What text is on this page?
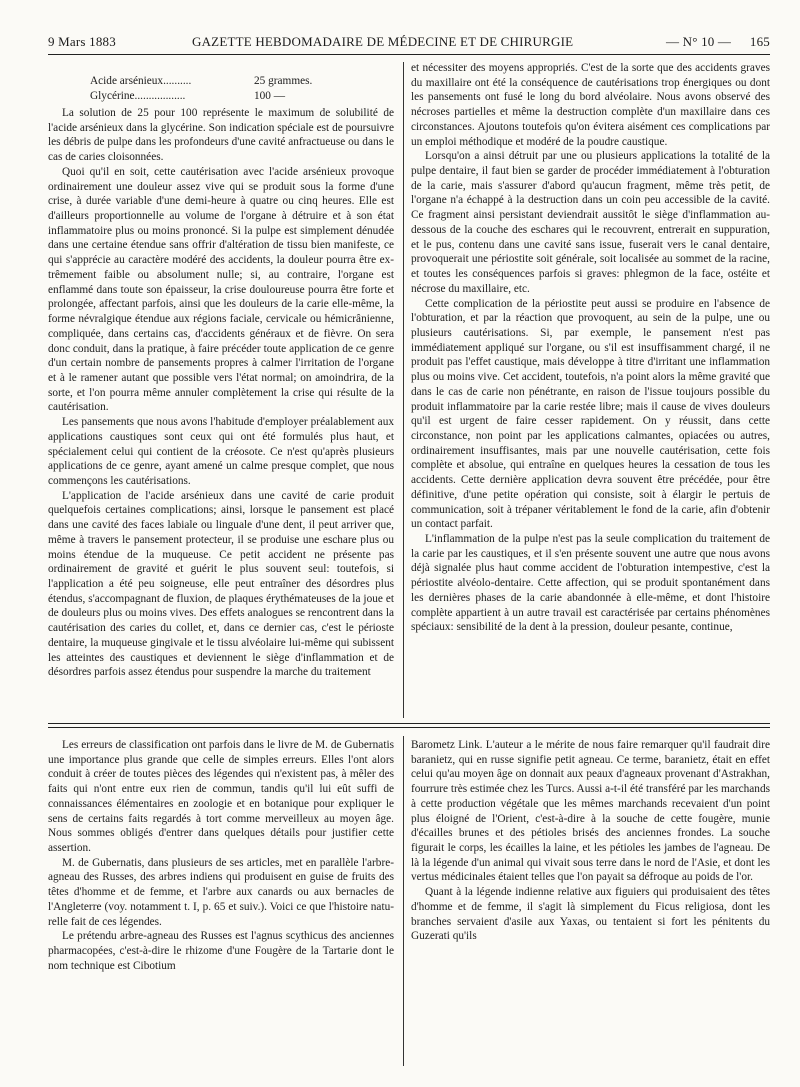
9 Mars 1883	GAZETTE HEBDOMADAIRE DE MÉDECINE ET DE CHIRURGIE	— N° 10 — 165
Acide arsénieux..........	25 grammes.
Glycérine..................	100 —

La solution de 25 pour 100 représente le maximum de solubilité de l'acide arsénieux dans la glycérine. Son indication spéciale est de poursuivre les débris de pulpe dans les profondeurs d'une cavité anfractueuse ou dans le cas de caries cloisonnées.

Quoi qu'il en soit, cette cautérisation avec l'acide arsénieux provoque ordinairement une douleur assez vive qui se produit sous la forme d'une crise, à durée variable d'une demi-heure à quatre ou cinq heures. Elle est d'ailleurs proportionnelle au volume de l'organe à détruire et à son état inflammatoire plus ou moins prononcé. Si la pulpe est simplement dénudée dans une certaine étendue sans offrir d'altération de tissu bien manifeste, ce qui s'apprécie au caractère modéré des accidents, la douleur pourra être extrêmement faible ou absolument nulle; si, au contraire, l'organe est enflammé dans toute son épaisseur, la crise douloureuse pourra être forte et prolongée, affectant parfois, ainsi que les douleurs de la carie elle-même, la forme névralgique étendue aux régions faciale, cervicale ou hémicrânienne, compliquée, dans certains cas, d'accidents généraux et de fièvre. On sera donc conduit, dans la pratique, à faire précéder toute application de ce genre d'un certain nombre de pansements propres à calmer l'irritation de l'organe et à le ramener autant que possible vers l'état normal; on amoindrira, de la sorte, et l'on pourra même annuler complètement la crise qui résulte de la cautérisation.

Les pansements que nous avons l'habitude d'employer préalablement aux applications caustiques sont ceux qui ont été formulés plus haut, et spécialement celui qui contient de la créosote. Ce n'est qu'après plusieurs applications de ce genre, ayant amené un calme presque complet, que nous commençons les cautérisations.

L'application de l'acide arsénieux dans une cavité de carie produit quelquefois certaines complications; ainsi, lorsque le pansement est placé dans une cavité des faces labiale ou linguale d'une dent, il peut arriver que, même à travers le pansement protecteur, il se produise une eschare plus ou moins étendue de la muqueuse. Ce petit accident ne présente pas ordinairement de gravité et guérit le plus souvent seul: toutefois, si l'application a été peu soigneuse, elle peut entraîner des désordres plus étendus, s'accompagnant de fluxion, de plaques érythémateuses de la joue et de douleurs plus ou moins vives. Des effets analogues se rencontrent dans la cautérisation des caries du collet, et, dans ce dernier cas, c'est le périoste dentaire, la muqueuse gingivale et le tissu alvéolaire lui-même qui subissent les atteintes des caustiques et deviennent le siège d'inflammation et de désordres parfois assez étendus pour suspendre la marche du traitement

et nécessiter des moyens appropriés. C'est de la sorte que des accidents graves du maxillaire ont été la conséquence de cautérisations trop énergiques ou dont les pansements ont fusé le long du bord alvéolaire. Nous avons observé des nécroses partielles et même la destruction complète d'un maxillaire dans ces circonstances. Ajoutons toutefois qu'on évitera aisément ces complications par un emploi méthodique et modéré de la poudre caustique.

Lorsqu'on a ainsi détruit par une ou plusieurs applications la totalité de la pulpe dentaire, il faut bien se garder de procéder immédiatement à l'obturation de la carie, mais s'assurer d'abord qu'aucun fragment, même très petit, de l'organe n'a échappé à la destruction dans un coin peu accessible de la cavité. Ce fragment ainsi persistant deviendrait aussitôt le siège d'inflammation au-dessous de la couche des eschares qui le recouvrent, entrerait en suppuration, et le pus, contenu dans une cavité sans issue, fuserait vers le canal dentaire, provoquerait une périostite soit générale, soit localisée au sommet de la racine, et toutes les conséquences parfois si graves: phlegmon de la face, ostéite et nécrose du maxillaire, etc.

Cette complication de la périostite peut aussi se produire en l'absence de l'obturation, et par la réaction que provoquent, au sein de la pulpe, une ou plusieurs cautérisations. Si, par exemple, le pansement n'est pas immédiatement appliqué sur l'organe, ou s'il est insuffisamment chargé, il ne produit pas l'effet caustique, mais développe à titre d'irritant une inflammation plus ou moins vive. Cet accident, toutefois, n'a point alors la même gravité que dans le cas de carie non pénétrante, en raison de l'issue toujours possible du produit inflammatoire par la carie restée libre; mais il cause de vives douleurs qu'il est urgent de faire cesser rapidement. On y réussit, dans cette circonstance, non point par les applications calmantes, opiacées ou autres, ordinairement insuffisantes, mais par une nouvelle cautérisation, cette fois complète et absolue, qui entraîne en quelques heures la cessation de tous les accidents. Cette dernière application devra souvent être précédée, pour être définitive, d'une petite opération qui consiste, soit à élargir le pertuis de communication, soit à trépaner véritablement le fond de la carie, afin d'obtenir un contact parfait.

L'inflammation de la pulpe n'est pas la seule complication du traitement de la carie par les caustiques, et il s'en présente souvent une autre que nous avons déjà signalée plus haut comme accident de l'obturation intempestive, c'est la périostite alvéolo-dentaire. Cette affection, qui se produit spontanément dans les dernières phases de la carie abandonnée à elle-même, et dont l'histoire complète appartient à un autre travail est caractérisée par certains phénomènes spéciaux: sensibilité de la dent à la pression, douleur pesante, continue,

Les erreurs de classification ont parfois dans le livre de M. de Gubernatis une importance plus grande que celle de simples erreurs. Elles l'ont alors conduit à créer de toutes pièces des légendes qui n'existent pas, à mêler des faits qui n'ont entre eux rien de commun, tandis qu'il lui eût suffi de connaissances élémentaires en zoologie et en botanique pour expliquer le sens de certains faits regardés à tort comme merveilleux au moyen âge. Nous sommes obligés d'entrer dans quelques détails pour justifier cette assertion.

M. de Gubernatis, dans plusieurs de ses articles, met en parallèle l'arbre-agneau des Russes, des arbres indiens qui produisent en guise de fruits des têtes d'homme et de femme, et l'arbre aux canards ou aux bernacles de l'Angleterre (voy. notamment t. I, p. 65 et suiv.). Voici ce que l'histoire naturelle fait de ces légendes.

Le prétendu arbre-agneau des Russes est l'agnus scythicus des anciennes pharmacopées, c'est-à-dire le rhizome d'une Fougère de la Tartarie dont le nom technique est Cibotium

Barometz Link. L'auteur a le mérite de nous faire remarquer qu'il faudrait dire baranietz, qui en russe signifie petit agneau. Ce terme, baranietz, était en effet celui qu'au moyen âge on donnait aux peaux d'agneaux provenant d'Astrakhan, fourrure très estimée chez les Turcs. Aussi a-t-il été transféré par les marchands à cette production végétale que les mêmes marchands recevaient d'un point plus éloigné de l'Orient, c'est-à-dire à la souche de cette fougère, munie d'écailles brunes et des pétioles brisés des anciennes frondes. La souche figurait le corps, les écailles la laine, et les pétioles les jambes de l'agneau. De là la légende d'un animal qui vivait sous terre dans le nord de l'Asie, et dont les vertus médicinales étaient telles que l'on payait sa défroque au poids de l'or.

Quant à la légende indienne relative aux figuiers qui produisaient des têtes d'homme et de femme, il s'agit là simplement du Ficus religiosa, dont les branches servaient d'asile aux Yaxas, ou tentaient si fort les pénitents du Guzerati qu'ils
